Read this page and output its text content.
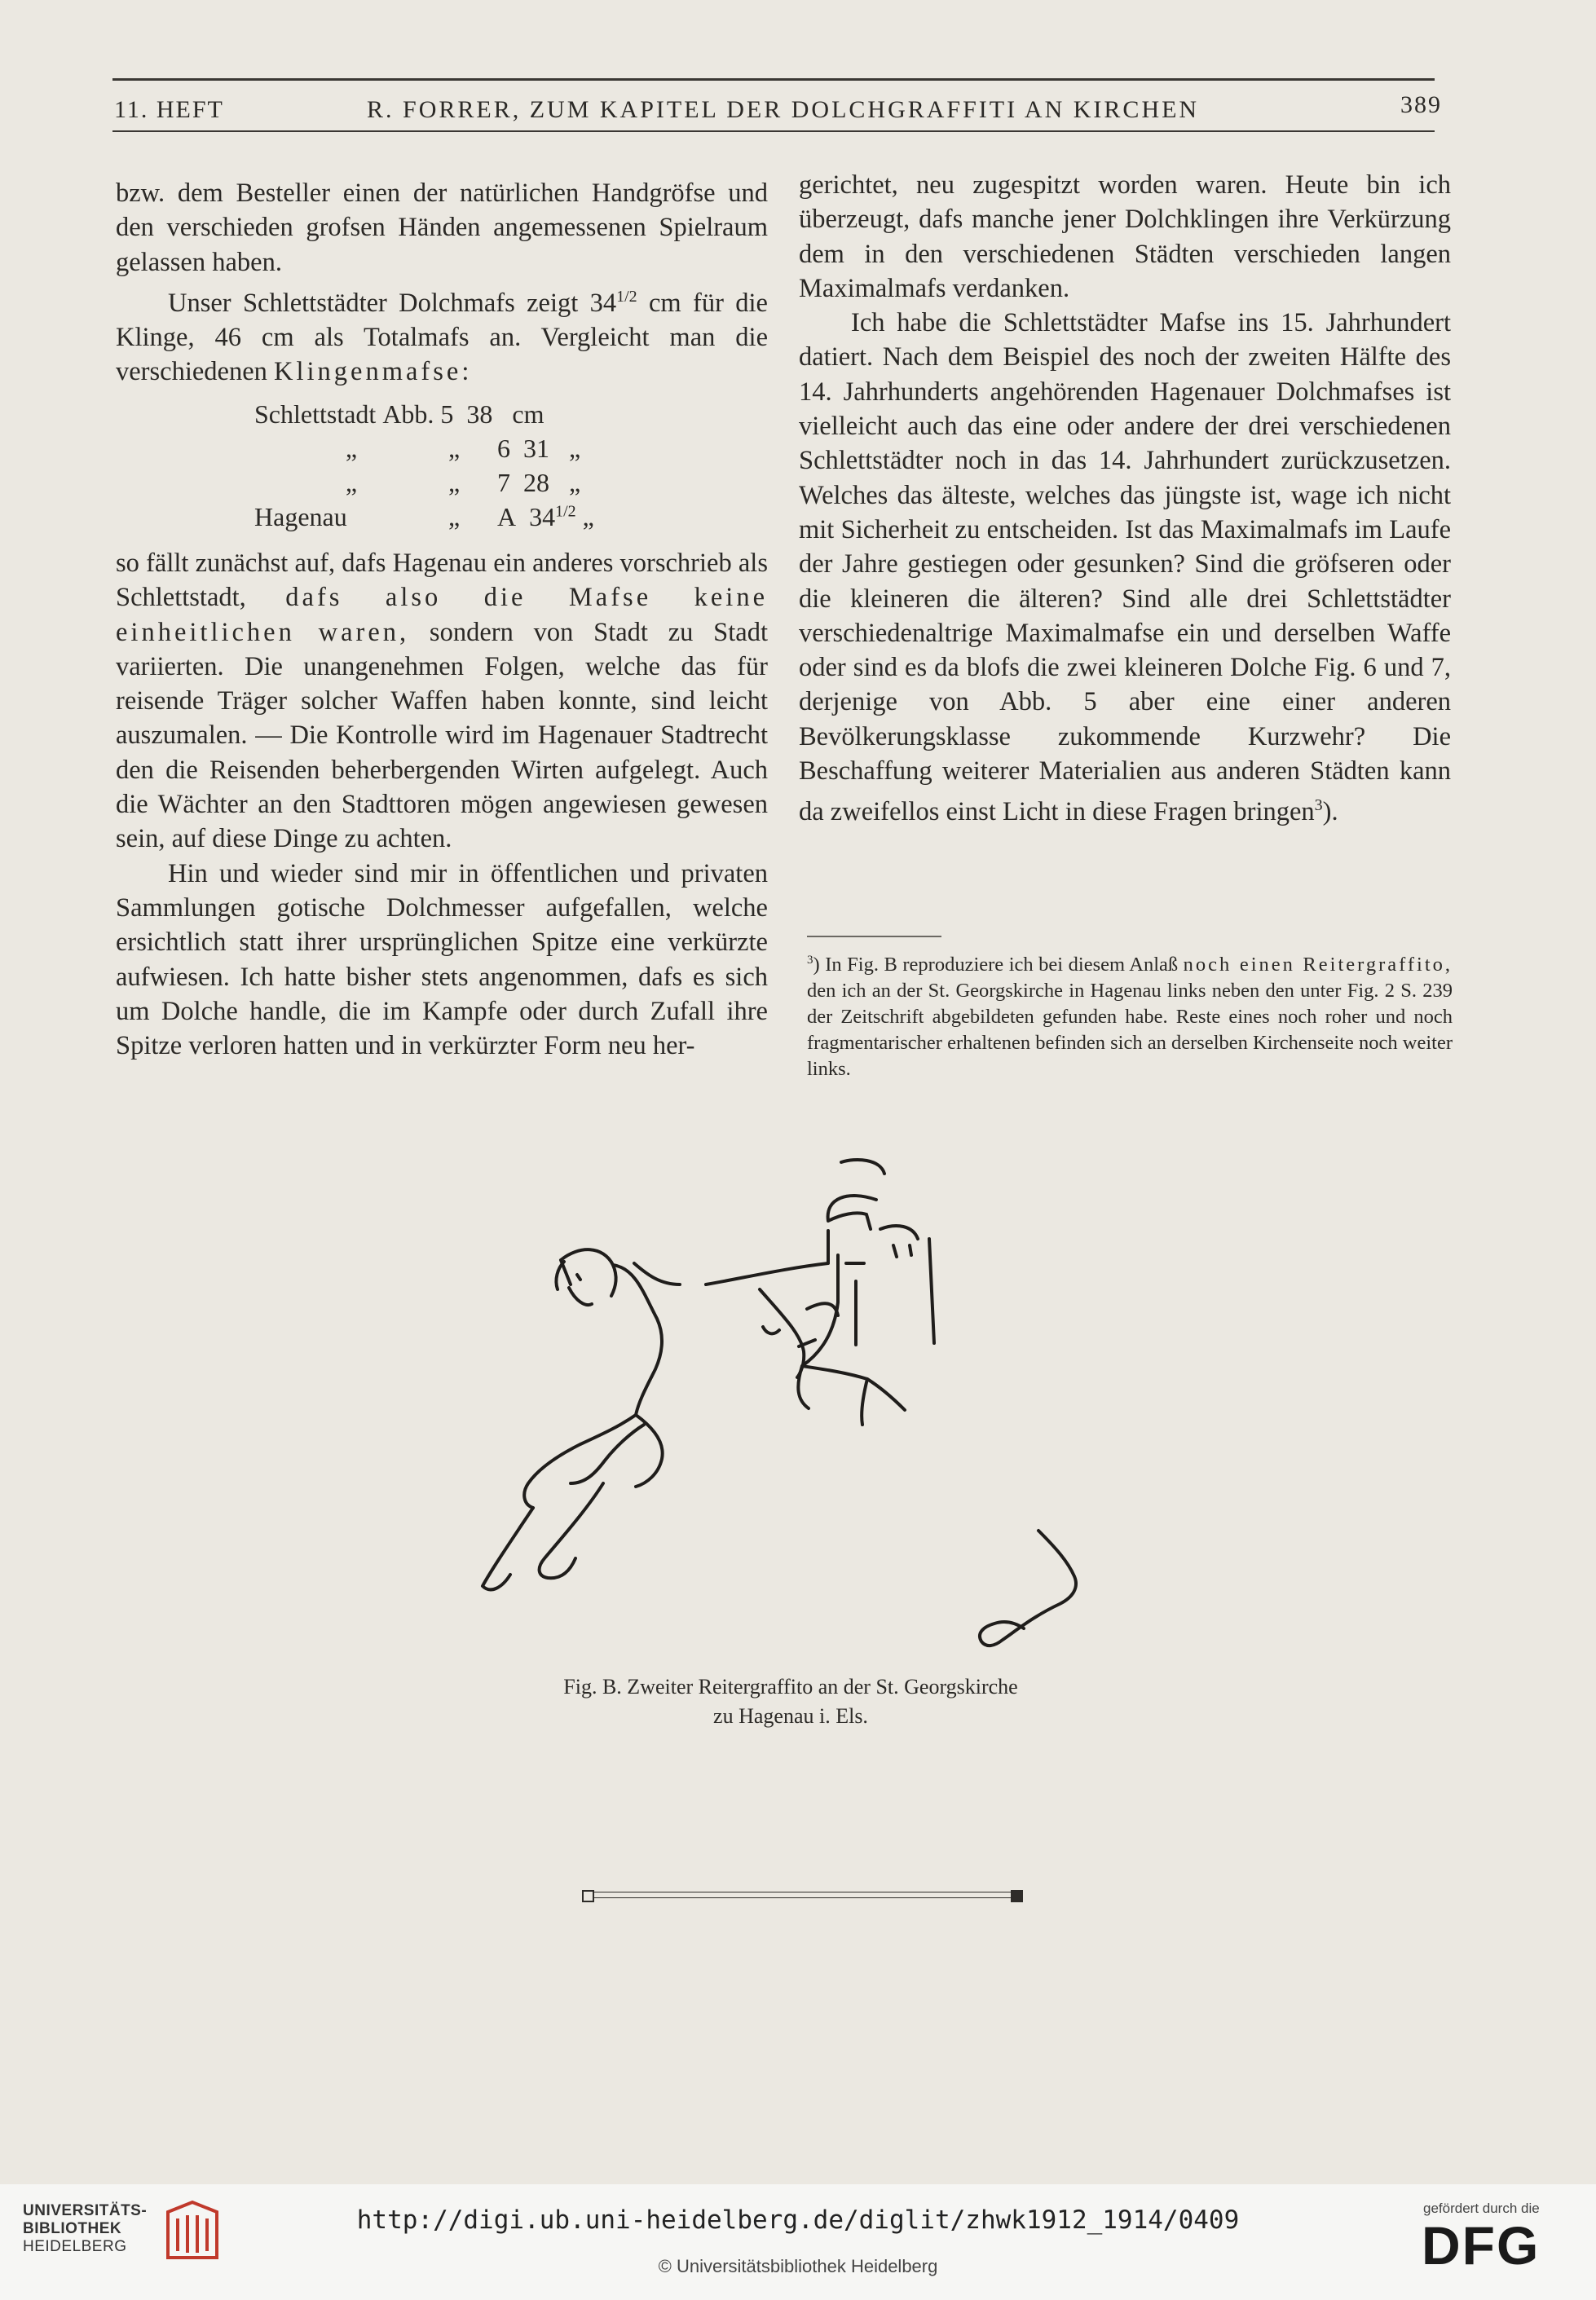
11. HEFT	R. FORRER, ZUM KAPITEL DER DOLCHGRAFFITI AN KIRCHEN	389

bzw. dem Besteller einen der natürlichen Handgröfse und den verschieden grofsen Händen angemessenen Spielraum gelassen haben.

Unser Schlettstädter Dolchmafs zeigt $34^{1/2}$ cm für die Klinge, 46 cm als Totalmafs an. Vergleicht man die verschiedenen Klingenmafse:

Schlettstadt Abb. 5 38 cm
„	„ 6 31 „
„	„ 7 28 „
Hagenau	„ A $34^{1/2}$ „

so fällt zunächst auf, dafs Hagenau ein anderes vorschrieb als Schlettstadt, dafs also die Mafse keine einheitlichen waren, sondern von Stadt zu Stadt variierten. Die unangenehmen Folgen, welche das für reisende Träger solcher Waffen haben konnte, sind leicht auszumalen. — Die Kontrolle wird im Hagenauer Stadtrecht den die Reisenden beherbergenden Wirten aufgelegt. Auch die Wächter an den Stadttoren mögen angewiesen gewesen sein, auf diese Dinge zu achten.

Hin und wieder sind mir in öffentlichen und privaten Sammlungen gotische Dolchmesser aufgefallen, welche ersichtlich statt ihrer ursprünglichen Spitze eine verkürzte aufwiesen. Ich hatte bisher stets angenommen, dafs es sich um Dolche handle, die im Kampfe oder durch Zufall ihre Spitze verloren hatten und in verkürzter Form neu her-

gerichtet, neu zugespitzt worden waren. Heute bin ich überzeugt, dafs manche jener Dolchklingen ihre Verkürzung dem in den verschiedenen Städten verschieden langen Maximalmafs verdanken.

Ich habe die Schlettstädter Mafse ins 15. Jahrhundert datiert. Nach dem Beispiel des noch der zweiten Hälfte des 14. Jahrhunderts angehörenden Hagenauer Dolchmafses ist vielleicht auch das eine oder andere der drei verschiedenen Schlettstädter noch in das 14. Jahrhundert zurückzusetzen. Welches das älteste, welches das jüngste ist, wage ich nicht mit Sicherheit zu entscheiden. Ist das Maximalmafs im Laufe der Jahre gestiegen oder gesunken? Sind die gröfseren oder die kleineren die älteren? Sind alle drei Schlettstädter verschiedenaltrige Maximalmafse ein und derselben Waffe oder sind es da blofs die zwei kleineren Dolche Fig. 6 und 7, derjenige von Abb. 5 aber eine einer anderen Bevölkerungsklasse zukommende Kurzwehr? Die Beschaffung weiterer Materialien aus anderen Städten kann da zweifellos einst Licht in diese Fragen bringen$^3$).

$^3$) In Fig. B reproduziere ich bei diesem Anlaß noch einen Reitergraffito, den ich an der St. Georgskirche in Hagenau links neben den unter Fig. 2 S. 239 der Zeitschrift abgebildeten gefunden habe. Reste eines noch roher und noch fragmentarischer erhaltenen befinden sich an derselben Kirchenseite noch weiter links.
Fig. B. Zweiter Reitergraffito an der St. Georgskirche
zu Hagenau i. Els.
UNIVERSITÄTS-
BIBLIOTHEK
HEIDELBERG
http://digi.ub.uni-heidelberg.de/diglit/zhwk1912_1914/0409
© Universitätsbibliothek Heidelberg
gefördert durch die
DFG
